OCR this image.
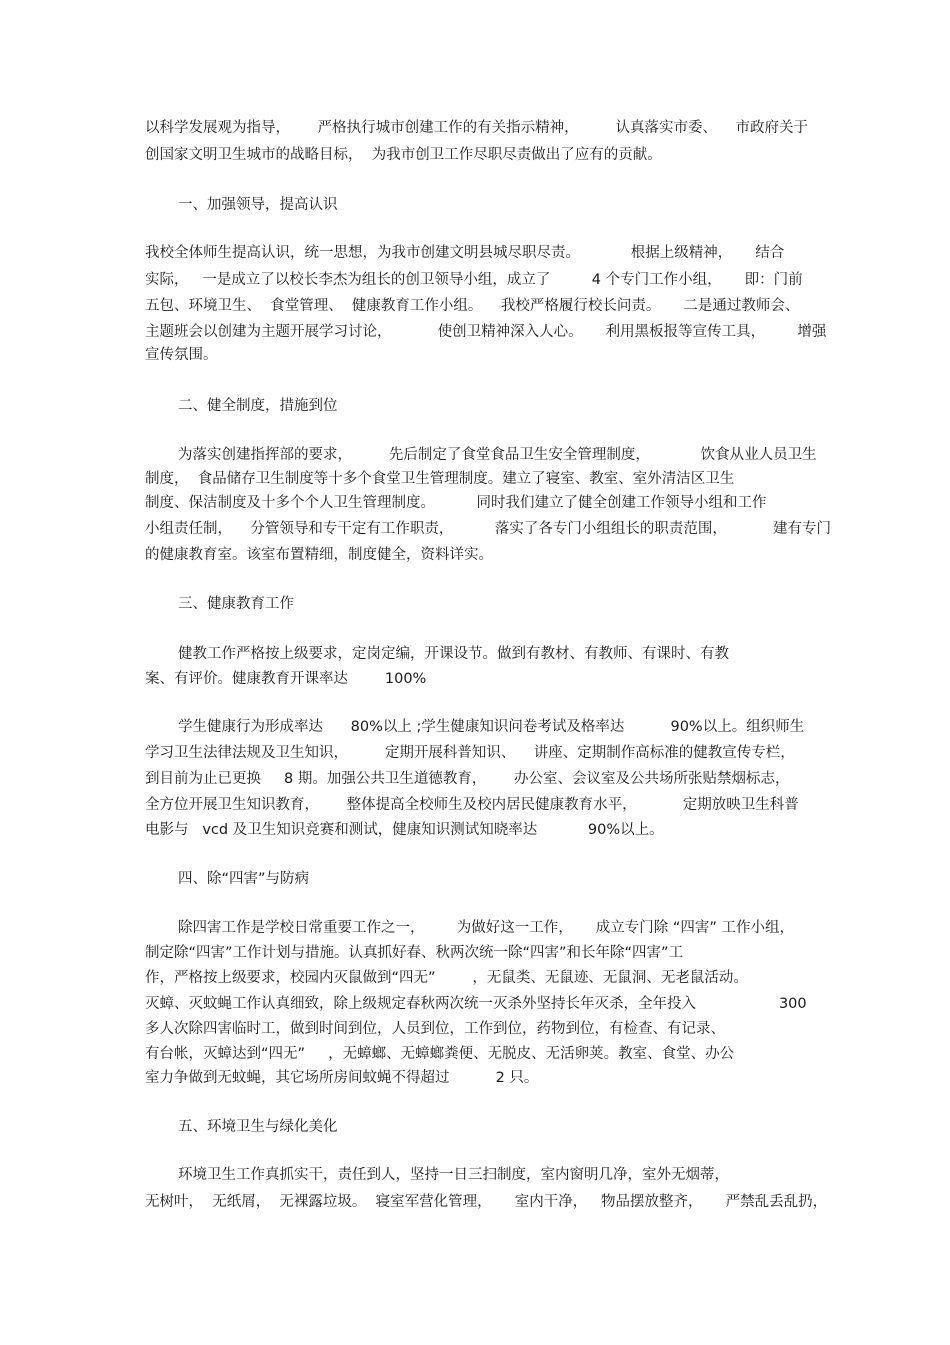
以科学发展观为指导，      严格执行城市创建工作的有关指示精神，        认真落实市委、    市政府关于
创国家文明卫生城市的战略目标，  为我市创卫工作尽职尽责做出了应有的贡献。
一、加强领导，提高认识
我校全体师生提高认识，统一思想，为我市创建文明县城尽职尽责。           根据上级精神，     结合
实际，   一是成立了以校长李杰为组长的创卫领导小组，成立了         4 个专门工作小组，     即：门前
五包、环境卫生、  食堂管理、  健康教育工作小组。    我校严格履行校长问责。     二是通过教师会、
主题班会以创建为主题开展学习讨论，          使创卫精神深入人心。     利用黑板报等宣传工具，       增强
宣传氛围。
二、健全制度，措施到位
为落实创建指挥部的要求，        先后制定了食堂食品卫生安全管理制度，           饮食从业人员卫生
制度，  食品储存卫生制度等十多个食堂卫生管理制度。建立了寝室、教室、室外清洁区卫生
制度、保洁制度及十多个个人卫生管理制度。         同时我们建立了健全创建工作领导小组和工作
小组责任制，    分管领导和专干定有工作职责，         落实了各专门小组组长的职责范围，          建有专门
的健康教育室。该室布置精细，制度健全，资料详实。
三、健康教育工作
健教工作严格按上级要求，定岗定编，开课设节。做到有教材、有教师、有课时、有教
案、有评价。健康教育开课率达        100%
学生健康行为形成率达      80%以上 ;学生健康知识问卷考试及格率达          90%以上。组织师生
学习卫生法律法规及卫生知识，        定期开展科普知识、    讲座、定期制作高标准的健教宣传专栏，
到目前为止已更换     8 期。加强公共卫生道德教育，      办公室、会议室及公共场所张贴禁烟标志，
全方位开展卫生知识教育，      整体提高全校师生及校内居民健康教育水平，          定期放映卫生科普
电影与   vcd 及卫生知识竞赛和测试，健康知识测试知晓率达           90%以上。
四、除“四害”与防病
除四害工作是学校日常重要工作之一，       为做好这一工作，     成立专门除 “四害” 工作小组，
制定除“四害”工作计划与措施。认真抓好春、秋两次统一除“四害”和长年除“四害”工
作，严格按上级要求，校园内灭鼠做到“四无”        ，无鼠类、无鼠迹、无鼠洞、无老鼠活动。
灭蟑、灭蚊蝇工作认真细致，除上级规定春秋两次统一灭杀外坚持长年灭杀，全年投入                  300
多人次除四害临时工，做到时间到位，人员到位，工作到位，药物到位，有检查、有记录、
有台帐，灭蟑达到“四无”     ，无蟑螂、无蟑螂粪便、无脱皮、无活卵荚。教室、食堂、办公
室力争做到无蚊蝇，其它场所房间蚊蝇不得超过          2 只。
五、环境卫生与绿化美化
环境卫生工作真抓实干，责任到人，坚持一日三扫制度，室内窗明几净，室外无烟蒂，
无树叶，  无纸屑，  无裸露垃圾。  寝室军营化管理，     室内干净，   物品摆放整齐，     严禁乱丢乱扔，
